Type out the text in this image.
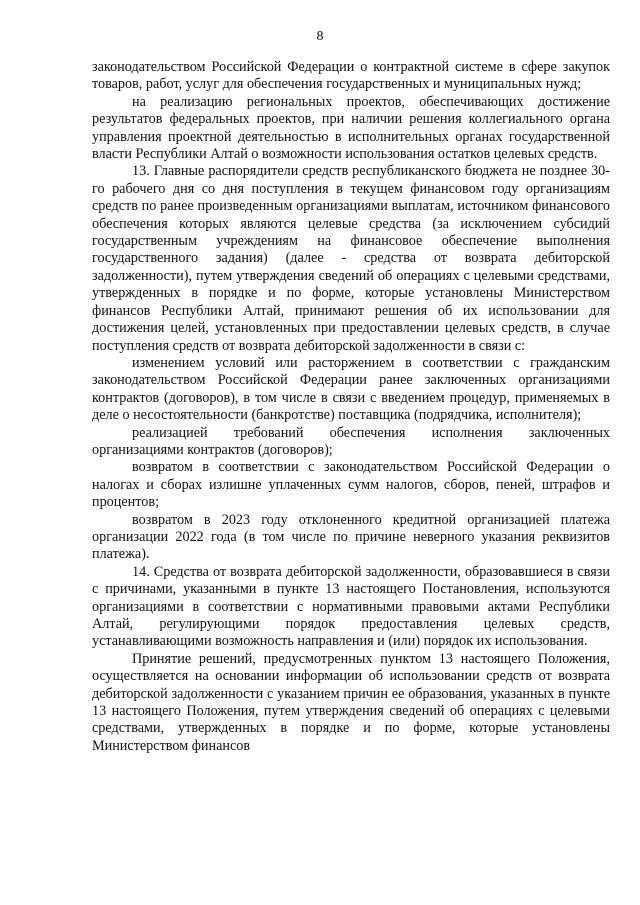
8

законодательством Российской Федерации о контрактной системе в сфере закупок товаров, работ, услуг для обеспечения государственных и муниципальных нужд;

на реализацию региональных проектов, обеспечивающих достижение результатов федеральных проектов, при наличии решения коллегиального органа управления проектной деятельностью в исполнительных органах государственной власти Республики Алтай о возможности использования остатков целевых средств.

13. Главные распорядители средств республиканского бюджета не позднее 30-го рабочего дня со дня поступления в текущем финансовом году организациям средств по ранее произведенным организациями выплатам, источником финансового обеспечения которых являются целевые средства (за исключением субсидий государственным учреждениям на финансовое обеспечение выполнения государственного задания) (далее - средства от возврата дебиторской задолженности), путем утверждения сведений об операциях с целевыми средствами, утвержденных в порядке и по форме, которые установлены Министерством финансов Республики Алтай, принимают решения об их использовании для достижения целей, установленных при предоставлении целевых средств, в случае поступления средств от возврата дебиторской задолженности в связи с:

изменением условий или расторжением в соответствии с гражданским законодательством Российской Федерации ранее заключенных организациями контрактов (договоров), в том числе в связи с введением процедур, применяемых в деле о несостоятельности (банкротстве) поставщика (подрядчика, исполнителя);

реализацией требований обеспечения исполнения заключенных организациями контрактов (договоров);

возвратом в соответствии с законодательством Российской Федерации о налогах и сборах излишне уплаченных сумм налогов, сборов, пеней, штрафов и процентов;

возвратом в 2023 году отклоненного кредитной организацией платежа организации 2022 года (в том числе по причине неверного указания реквизитов платежа).

14. Средства от возврата дебиторской задолженности, образовавшиеся в связи с причинами, указанными в пункте 13 настоящего Постановления, используются организациями в соответствии с нормативными правовыми актами Республики Алтай, регулирующими порядок предоставления целевых средств, устанавливающими возможность направления и (или) порядок их использования.

Принятие решений, предусмотренных пунктом 13 настоящего Положения, осуществляется на основании информации об использовании средств от возврата дебиторской задолженности с указанием причин ее образования, указанных в пункте 13 настоящего Положения, путем утверждения сведений об операциях с целевыми средствами, утвержденных в порядке и по форме, которые установлены Министерством финансов
